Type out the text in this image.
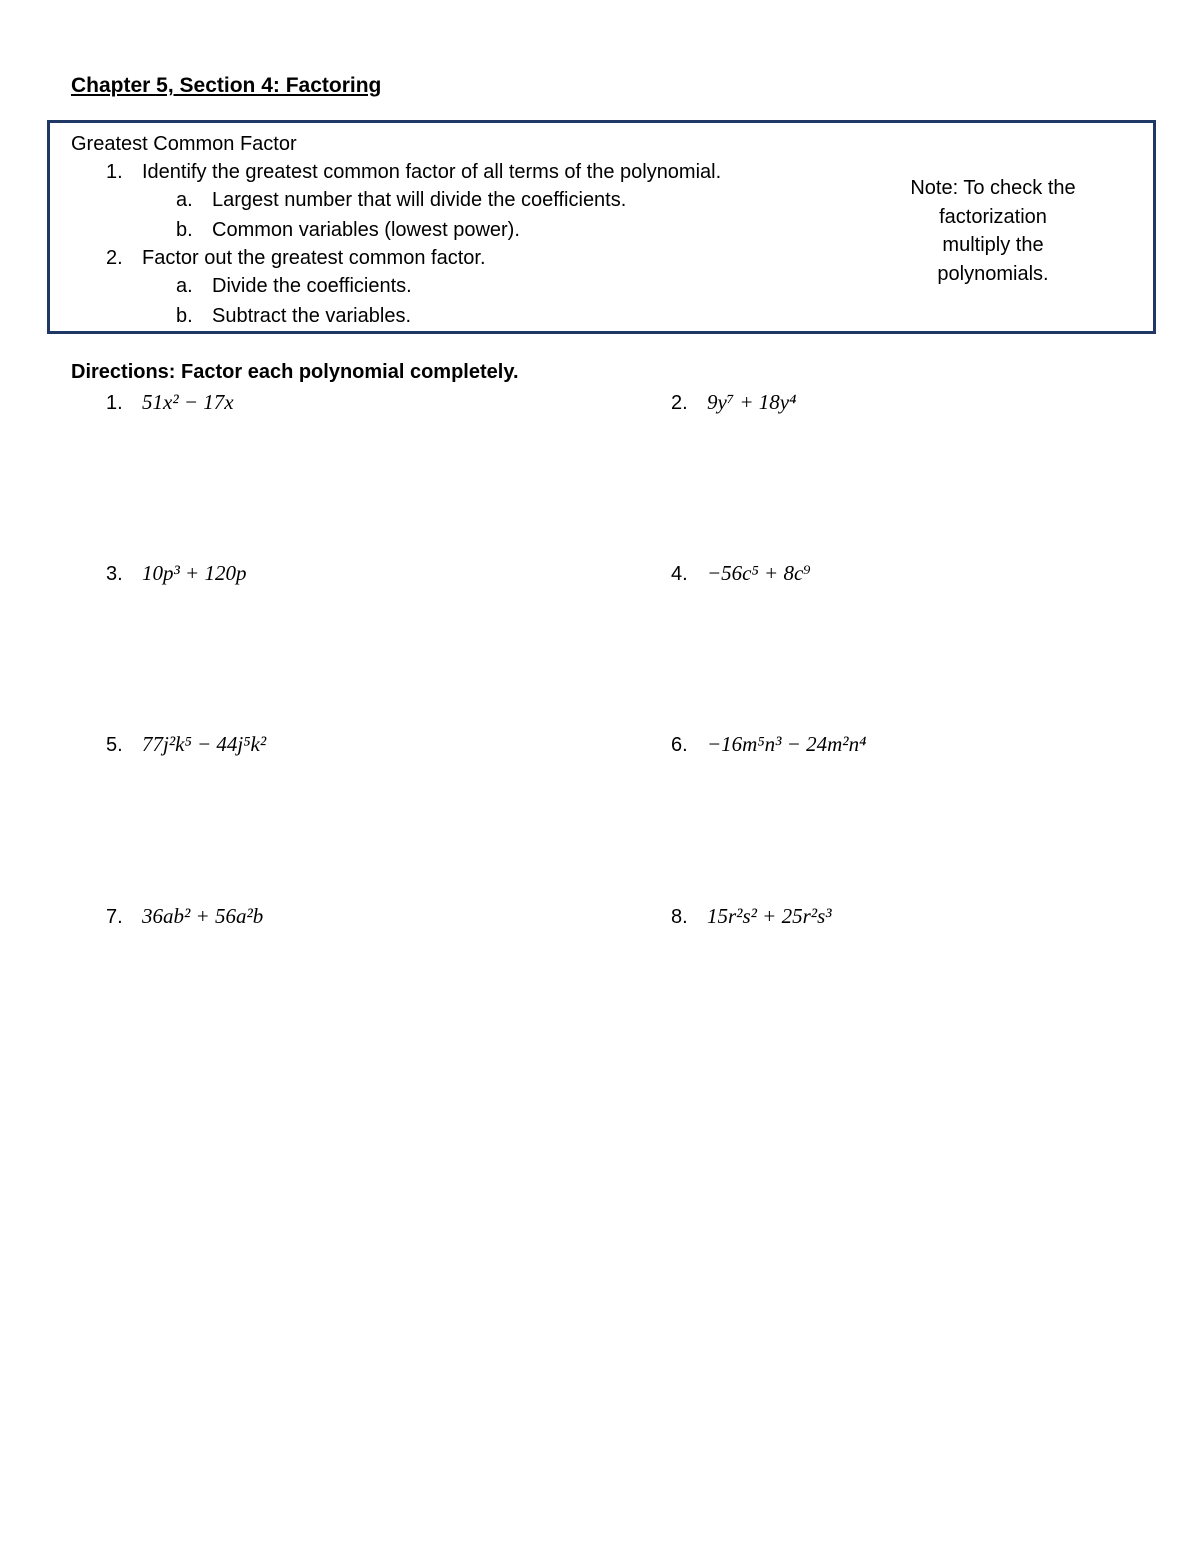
Chapter 5, Section 4: Factoring
Greatest Common Factor
1. Identify the greatest common factor of all terms of the polynomial.
a. Largest number that will divide the coefficients.
b. Common variables (lowest power).
2. Factor out the greatest common factor.
a. Divide the coefficients.
b. Subtract the variables.
Note: To check the
factorization
multiply the
polynomials.
Directions: Factor each polynomial completely.
1. 51x² − 17x	2. 9y⁷ + 18y⁴
3. 10p³ + 120p	4. −56c⁵ + 8c⁹
5. 77j²k⁵ − 44j⁵k²	6. −16m⁵n³ − 24m²n⁴
7. 36ab² + 56a²b	8. 15r²s² + 25r²s³
